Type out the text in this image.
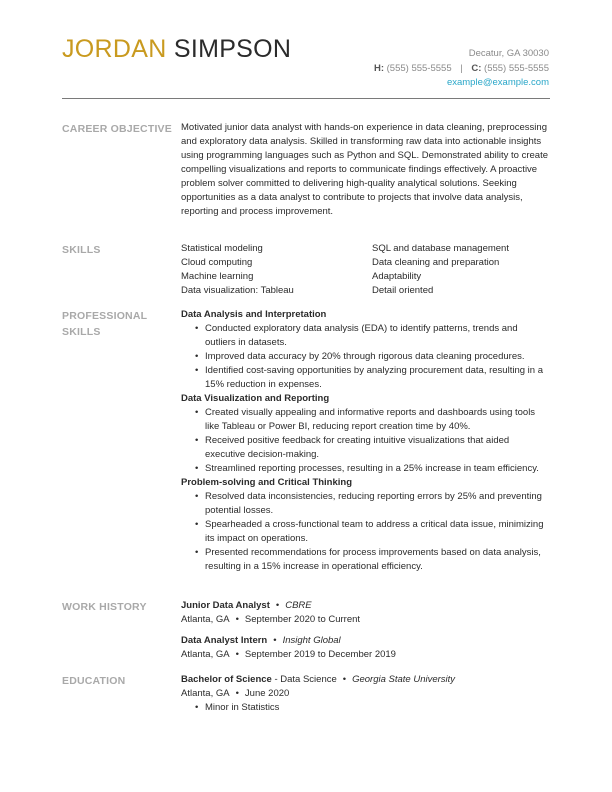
JORDAN SIMPSON	Decatur, GA 30030
H: (555) 555-5555 | C: (555) 555-5555
example@example.com
CAREER OBJECTIVE Motivated junior data analyst with hands-on experience in data cleaning, preprocessing and exploratory data analysis. Skilled in transforming raw data into actionable insights using programming languages such as Python and SQL. Demonstrated ability to create compelling visualizations and reports to communicate findings effectively. A proactive problem solver committed to delivering high-quality analytical solutions. Seeking opportunities as a data analyst to contribute to projects that involve data analysis, reporting and process improvement.

SKILLS	Statistical modeling	SQL and database management
Cloud computing	Data cleaning and preparation
Machine learning	Adaptability
Data visualization: Tableau	Detail oriented
PROFESSIONAL
SKILLS
Data Analysis and Interpretation
• Conducted exploratory data analysis (EDA) to identify patterns, trends and outliers in datasets.
• Improved data accuracy by 20% through rigorous data cleaning procedures.
• Identified cost-saving opportunities by analyzing procurement data, resulting in a 15% reduction in expenses.
Data Visualization and Reporting
• Created visually appealing and informative reports and dashboards using tools like Tableau or Power BI, reducing report creation time by 40%.
• Received positive feedback for creating intuitive visualizations that aided executive decision-making.
• Streamlined reporting processes, resulting in a 25% increase in team efficiency.
Problem-solving and Critical Thinking
• Resolved data inconsistencies, reducing reporting errors by 25% and preventing potential losses.
• Spearheaded a cross-functional team to address a critical data issue, minimizing its impact on operations.
• Presented recommendations for process improvements based on data analysis, resulting in a 15% increase in operational efficiency.
WORK HISTORY	Junior Data Analyst • CBRE
Atlanta, GA • September 2020 to Current
Data Analyst Intern • Insight Global
Atlanta, GA • September 2019 to December 2019
EDUCATION	Bachelor of Science - Data Science • Georgia State University
Atlanta, GA • June 2020
• Minor in Statistics
